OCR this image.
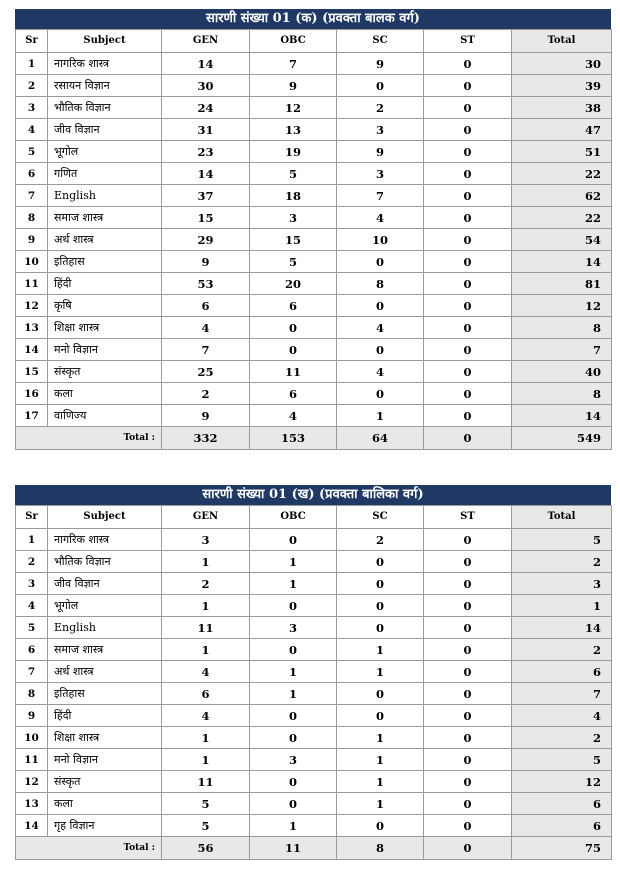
सारणी संख्या 01 (क) (प्रवक्ता बालक वर्ग)
Sr	Subject	GEN	OBC	SC	ST	Total
1	नागरिक शास्त्र	14	7	9	0	30
2	रसायन विज्ञान	30	9	0	0	39
3	भौतिक विज्ञान	24	12	2	0	38
4	जीव विज्ञान	31	13	3	0	47
5	भूगोल	23	19	9	0	51
6	गणित	14	5	3	0	22
7	English	37	18	7	0	62
8	समाज शास्त्र	15	3	4	0	22
9	अर्थ शास्त्र	29	15	10	0	54
10	इतिहास	9	5	0	0	14
11	हिंदी	53	20	8	0	81
12	कृषि	6	6	0	0	12
13	शिक्षा शास्त्र	4	0	4	0	8
14	मनो विज्ञान	7	0	0	0	7
15	संस्कृत	25	11	4	0	40
16	कला	2	6	0	0	8
17	वाणिज्य	9	4	1	0	14
Total :		332	153	64	0	549
सारणी संख्या 01 (ख) (प्रवक्ता बालिका वर्ग)
Sr	Subject	GEN	OBC	SC	ST	Total
1	नागरिक शास्त्र	3	0	2	0	5
2	भौतिक विज्ञान	1	1	0	0	2
3	जीव विज्ञान	2	1	0	0	3
4	भूगोल	1	0	0	0	1
5	English	11	3	0	0	14
6	समाज शास्त्र	1	0	1	0	2
7	अर्थ शास्त्र	4	1	1	0	6
8	इतिहास	6	1	0	0	7
9	हिंदी	4	0	0	0	4
10	शिक्षा शास्त्र	1	0	1	0	2
11	मनो विज्ञान	1	3	1	0	5
12	संस्कृत	11	0	1	0	12
13	कला	5	0	1	0	6
14	गृह विज्ञान	5	1	0	0	6
Total :		56	11	8	0	75
